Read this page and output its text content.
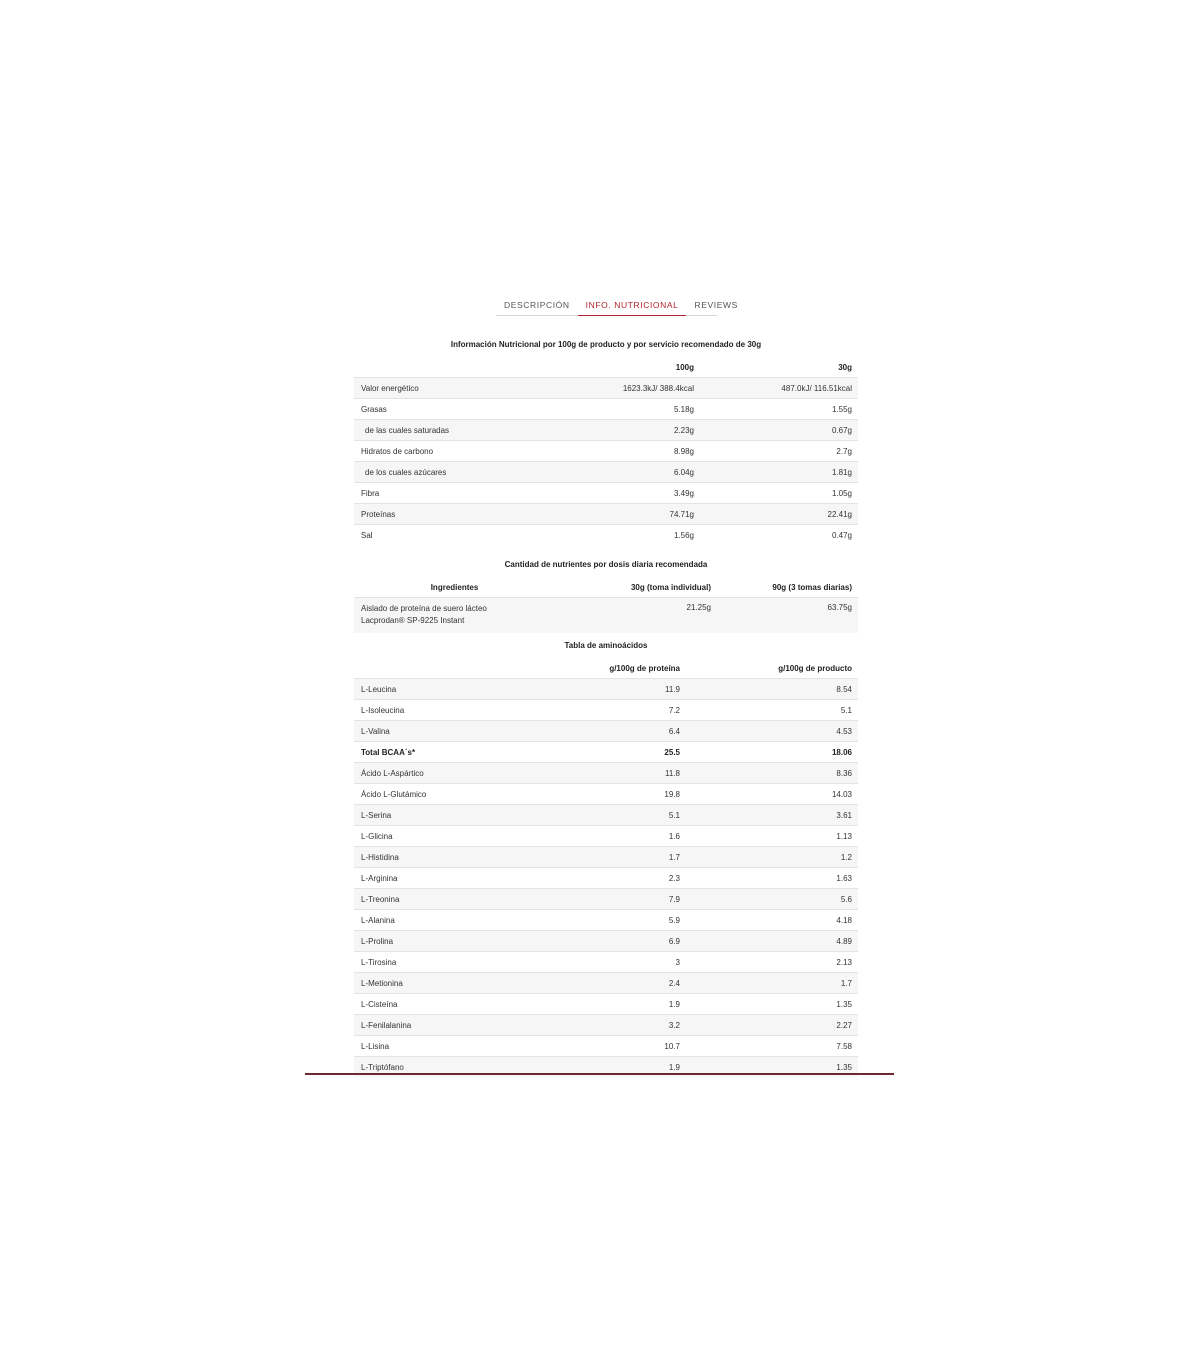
DESCRIPCIÓN	INFO. NUTRICIONAL	REVIEWS
Información Nutricional por 100g de producto y por servicio recomendado de 30g
	100g	30g
Valor energético	1623.3kJ/ 388.4kcal	487.0kJ/ 116.51kcal
Grasas	5.18g	1.55g
de las cuales saturadas	2.23g	0.67g
Hidratos de carbono	8.98g	2.7g
de los cuales azúcares	6.04g	1.81g
Fibra	3.49g	1.05g
Proteínas	74.71g	22.41g
Sal	1.56g	0.47g
Cantidad de nutrientes por dosis diaria recomendada
Ingredientes	30g (toma individual)	90g (3 tomas diarias)
Aislado de proteína de suero lácteo
Lacprodan® SP-9225 Instant	21.25g	63.75g
Tabla de aminoácidos
	g/100g de proteína	g/100g de producto
L-Leucina	11.9	8.54
L-Isoleucina	7.2	5.1
L-Valina	6.4	4.53
Total BCAA´s*	25.5	18.06
Ácido L-Aspártico	11.8	8.36
Ácido L-Glutámico	19.8	14.03
L-Serina	5.1	3.61
L-Glicina	1.6	1.13
L-Histidina	1.7	1.2
L-Arginina	2.3	1.63
L-Treonina	7.9	5.6
L-Alanina	5.9	4.18
L-Prolina	6.9	4.89
L-Tirosina	3	2.13
L-Metionina	2.4	1.7
L-Cisteína	1.9	1.35
L-Fenilalanina	3.2	2.27
L-Lisina	10.7	7.58
L-Triptófano	1.9	1.35
